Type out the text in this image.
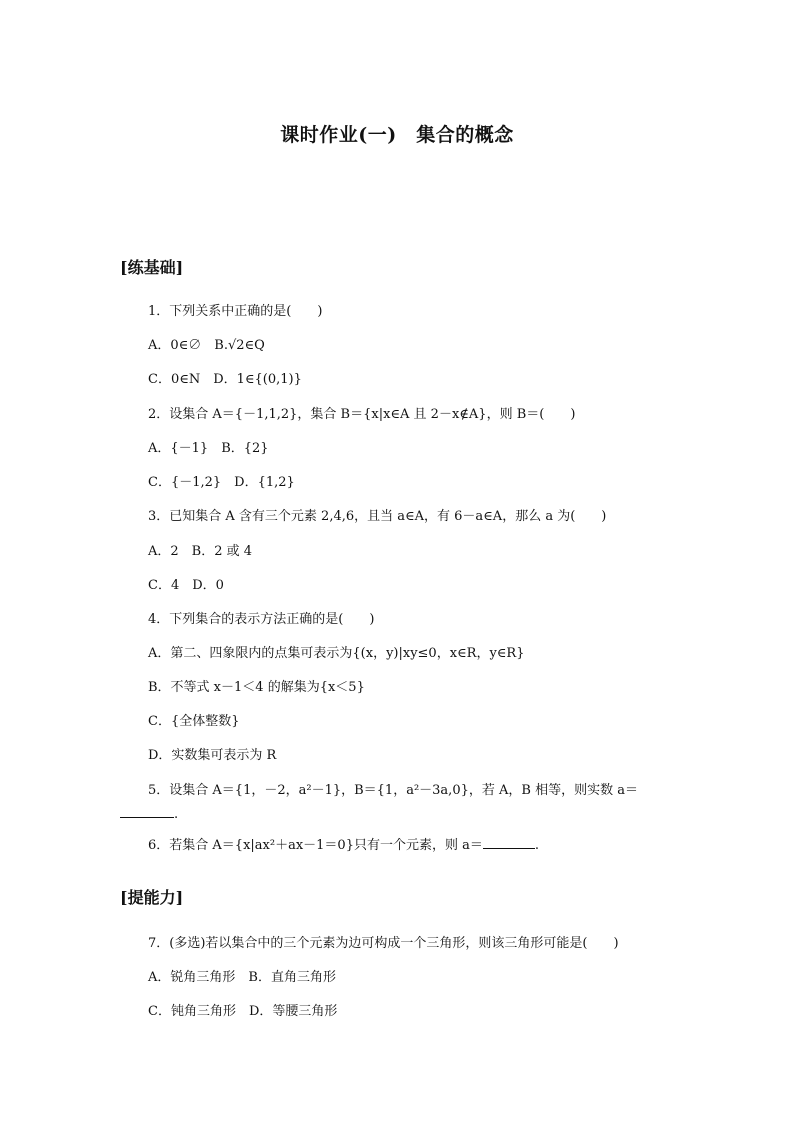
课时作业(一)　集合的概念
[练基础]
1．下列关系中正确的是(　　)
A．0∈∅　B.√2∈Q
C．0∈N　D．1∈{(0,1)}
2．设集合 A＝{－1,1,2}，集合 B＝{x|x∈A 且 2－x∉A}，则 B＝(　　)
A．{－1}　B．{2}
C．{－1,2}　D．{1,2}
3．已知集合 A 含有三个元素 2,4,6，且当 a∈A，有 6－a∈A，那么 a 为(　　)
A．2　B．2 或 4
C．4　D．0
4．下列集合的表示方法正确的是(　　)
A．第二、四象限内的点集可表示为{(x，y)|xy≤0，x∈R，y∈R}
B．不等式 x－1＜4 的解集为{x＜5}
C．{全体整数}
D．实数集可表示为 R
5．设集合 A＝{1，－2，a²－1}，B＝{1，a²－3a,0}，若 A，B 相等，则实数 a＝
.
6．若集合 A＝{x|ax²＋ax－1＝0}只有一个元素，则 a＝	.
[提能力]
7．(多选)若以集合中的三个元素为边可构成一个三角形，则该三角形可能是(　　)
A．锐角三角形　B．直角三角形
C．钝角三角形　D．等腰三角形
